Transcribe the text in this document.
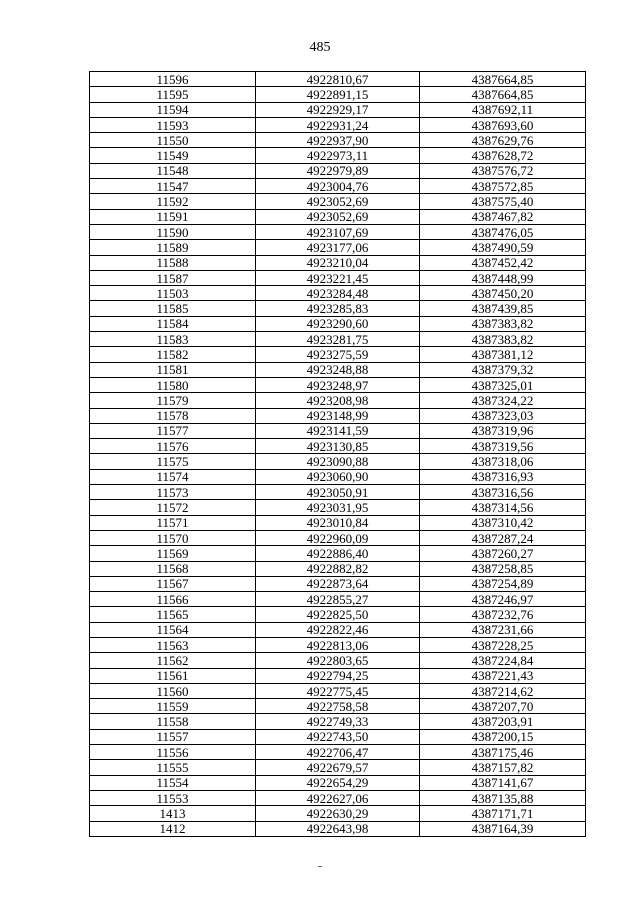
485
11596	4922810,67	4387664,85
11595	4922891,15	4387664,85
11594	4922929,17	4387692,11
11593	4922931,24	4387693,60
11550	4922937,90	4387629,76
11549	4922973,11	4387628,72
11548	4922979,89	4387576,72
11547	4923004,76	4387572,85
11592	4923052,69	4387575,40
11591	4923052,69	4387467,82
11590	4923107,69	4387476,05
11589	4923177,06	4387490,59
11588	4923210,04	4387452,42
11587	4923221,45	4387448,99
11503	4923284,48	4387450,20
11585	4923285,83	4387439,85
11584	4923290,60	4387383,82
11583	4923281,75	4387383,82
11582	4923275,59	4387381,12
11581	4923248,88	4387379,32
11580	4923248,97	4387325,01
11579	4923208,98	4387324,22
11578	4923148,99	4387323,03
11577	4923141,59	4387319,96
11576	4923130,85	4387319,56
11575	4923090,88	4387318,06
11574	4923060,90	4387316,93
11573	4923050,91	4387316,56
11572	4923031,95	4387314,56
11571	4923010,84	4387310,42
11570	4922960,09	4387287,24
11569	4922886,40	4387260,27
11568	4922882,82	4387258,85
11567	4922873,64	4387254,89
11566	4922855,27	4387246,97
11565	4922825,50	4387232,76
11564	4922822,46	4387231,66
11563	4922813,06	4387228,25
11562	4922803,65	4387224,84
11561	4922794,25	4387221,43
11560	4922775,45	4387214,62
11559	4922758,58	4387207,70
11558	4922749,33	4387203,91
11557	4922743,50	4387200,15
11556	4922706,47	4387175,46
11555	4922679,57	4387157,82
11554	4922654,29	4387141,67
11553	4922627,06	4387135,88
1413	4922630,29	4387171,71
1412	4922643,98	4387164,39
